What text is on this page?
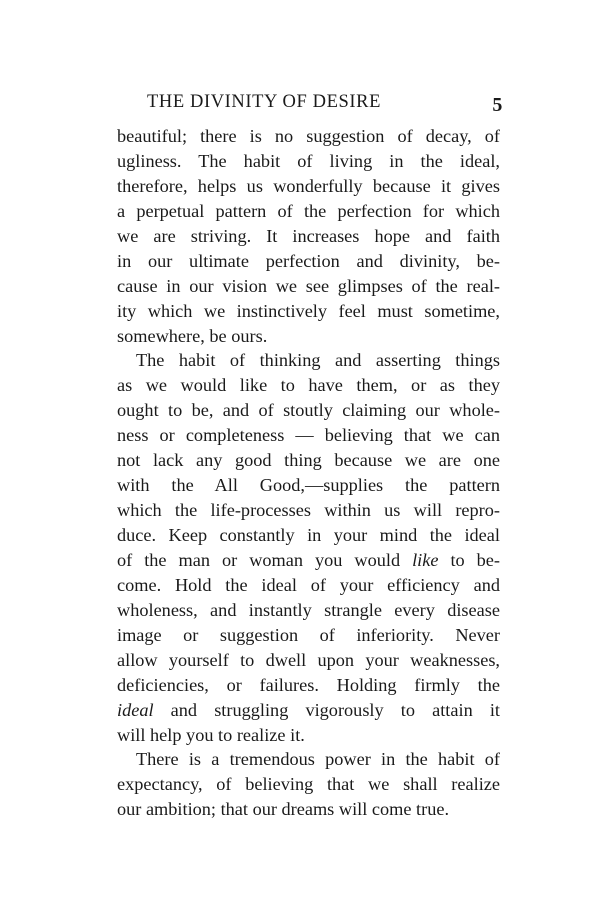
THE DIVINITY OF DESIRE	5
beautiful; there is no suggestion of decay, of
ugliness. The habit of living in the ideal,
therefore, helps us wonderfully because it gives
a perpetual pattern of the perfection for which
we are striving. It increases hope and faith
in our ultimate perfection and divinity, be-
cause in our vision we see glimpses of the real-
ity which we instinctively feel must sometime,
somewhere, be ours.
The habit of thinking and asserting things
as we would like to have them, or as they
ought to be, and of stoutly claiming our whole-
ness or completeness — believing that we can
not lack any good thing because we are one
with the All Good,—supplies the pattern
which the life-processes within us will repro-
duce. Keep constantly in your mind the ideal
of the man or woman you would like to be-
come. Hold the ideal of your efficiency and
wholeness, and instantly strangle every disease
image or suggestion of inferiority. Never
allow yourself to dwell upon your weaknesses,
deficiencies, or failures. Holding firmly the
ideal and struggling vigorously to attain it
will help you to realize it.
There is a tremendous power in the habit of
expectancy, of believing that we shall realize
our ambition; that our dreams will come true.
